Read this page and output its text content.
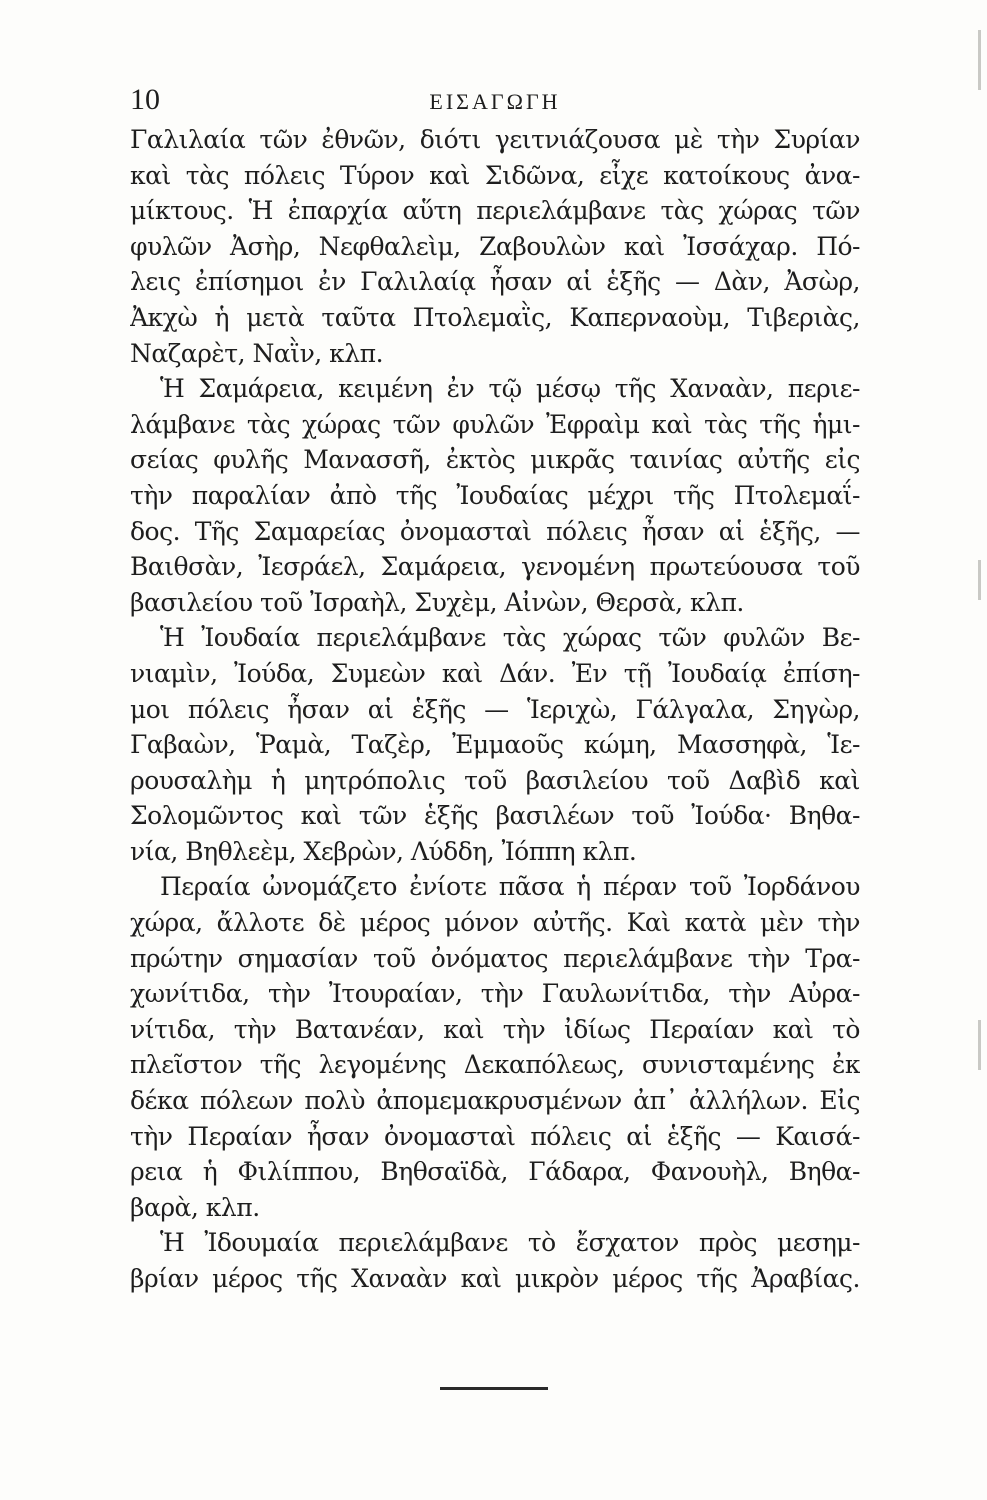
10	ΕΙΣΑΓΩΓΗ
Γαλιλαία τῶν ἐθνῶν, διότι γειτνιάζουσα μὲ τὴν Συρίαν
καὶ τὰς πόλεις Τύρον καὶ Σιδῶνα, εἶχε κατοίκους ἀνα-
μίκτους. Ἡ ἐπαρχία αὕτη περιελάμβανε τὰς χώρας τῶν
φυλῶν Ἀσὴρ, Νεφθαλεὶμ, Ζαβουλὼν καὶ Ἰσσάχαρ. Πό-
λεις ἐπίσημοι ἐν Γαλιλαίᾳ ἦσαν αἱ ἑξῆς — Δὰν, Ἀσὼρ,
Ἀκχὼ ἡ μετὰ ταῦτα Πτολεμαῒς, Καπερναοὺμ, Τιβεριὰς,
Ναζαρὲτ, Ναῒν, κλπ.
Ἡ Σαμάρεια, κειμένη ἐν τῷ μέσῳ τῆς Χαναὰν, περιε-
λάμβανε τὰς χώρας τῶν φυλῶν Ἐφραὶμ καὶ τὰς τῆς ἡμι-
σείας φυλῆς Μανασσῆ, ἐκτὸς μικρᾶς ταινίας αὐτῆς εἰς
τὴν παραλίαν ἀπὸ τῆς Ἰουδαίας μέχρι τῆς Πτολεμαΐ-
δος. Τῆς Σαμαρείας ὀνομασταὶ πόλεις ἦσαν αἱ ἑξῆς, —
Βαιθσὰν, Ἰεσράελ, Σαμάρεια, γενομένη πρωτεύουσα τοῦ
βασιλείου τοῦ Ἰσραὴλ, Συχὲμ, Αἰνὼν, Θερσὰ, κλπ.
Ἡ Ἰουδαία περιελάμβανε τὰς χώρας τῶν φυλῶν Βε-
νιαμὶν, Ἰούδα, Συμεὼν καὶ Δάν. Ἐν τῇ Ἰουδαίᾳ ἐπίση-
μοι πόλεις ἦσαν αἱ ἑξῆς — Ἱεριχὼ, Γάλγαλα, Σηγὼρ,
Γαβαὼν, Ῥαμὰ, Ταζὲρ, Ἐμμαοῦς κώμη, Μασσηφὰ, Ἱε-
ρουσαλὴμ ἡ μητρόπολις τοῦ βασιλείου τοῦ Δαβὶδ καὶ
Σολομῶντος καὶ τῶν ἑξῆς βασιλέων τοῦ Ἰούδα· Βηθα-
νία, Βηθλεὲμ, Χεβρὼν, Λύδδη, Ἰόππη κλπ.
Περαία ὠνομάζετο ἐνίοτε πᾶσα ἡ πέραν τοῦ Ἰορδάνου
χώρα, ἄλλοτε δὲ μέρος μόνον αὐτῆς. Καὶ κατὰ μὲν τὴν
πρώτην σημασίαν τοῦ ὀνόματος περιελάμβανε τὴν Τρα-
χωνίτιδα, τὴν Ἰτουραίαν, τὴν Γαυλωνίτιδα, τὴν Αὐρα-
νίτιδα, τὴν Βατανέαν, καὶ τὴν ἰδίως Περαίαν καὶ τὸ
πλεῖστον τῆς λεγομένης Δεκαπόλεως, συνισταμένης ἐκ
δέκα πόλεων πολὺ ἀπομεμακρυσμένων ἀπ᾽ ἀλλήλων. Εἰς
τὴν Περαίαν ἦσαν ὀνομασταὶ πόλεις αἱ ἑξῆς — Καισά-
ρεια ἡ Φιλίππου, Βηθσαϊδὰ, Γάδαρα, Φανουὴλ, Βηθα-
βαρὰ, κλπ.
Ἡ Ἰδουμαία περιελάμβανε τὸ ἔσχατον πρὸς μεσημ-
βρίαν μέρος τῆς Χαναὰν καὶ μικρὸν μέρος τῆς Ἀραβίας.
